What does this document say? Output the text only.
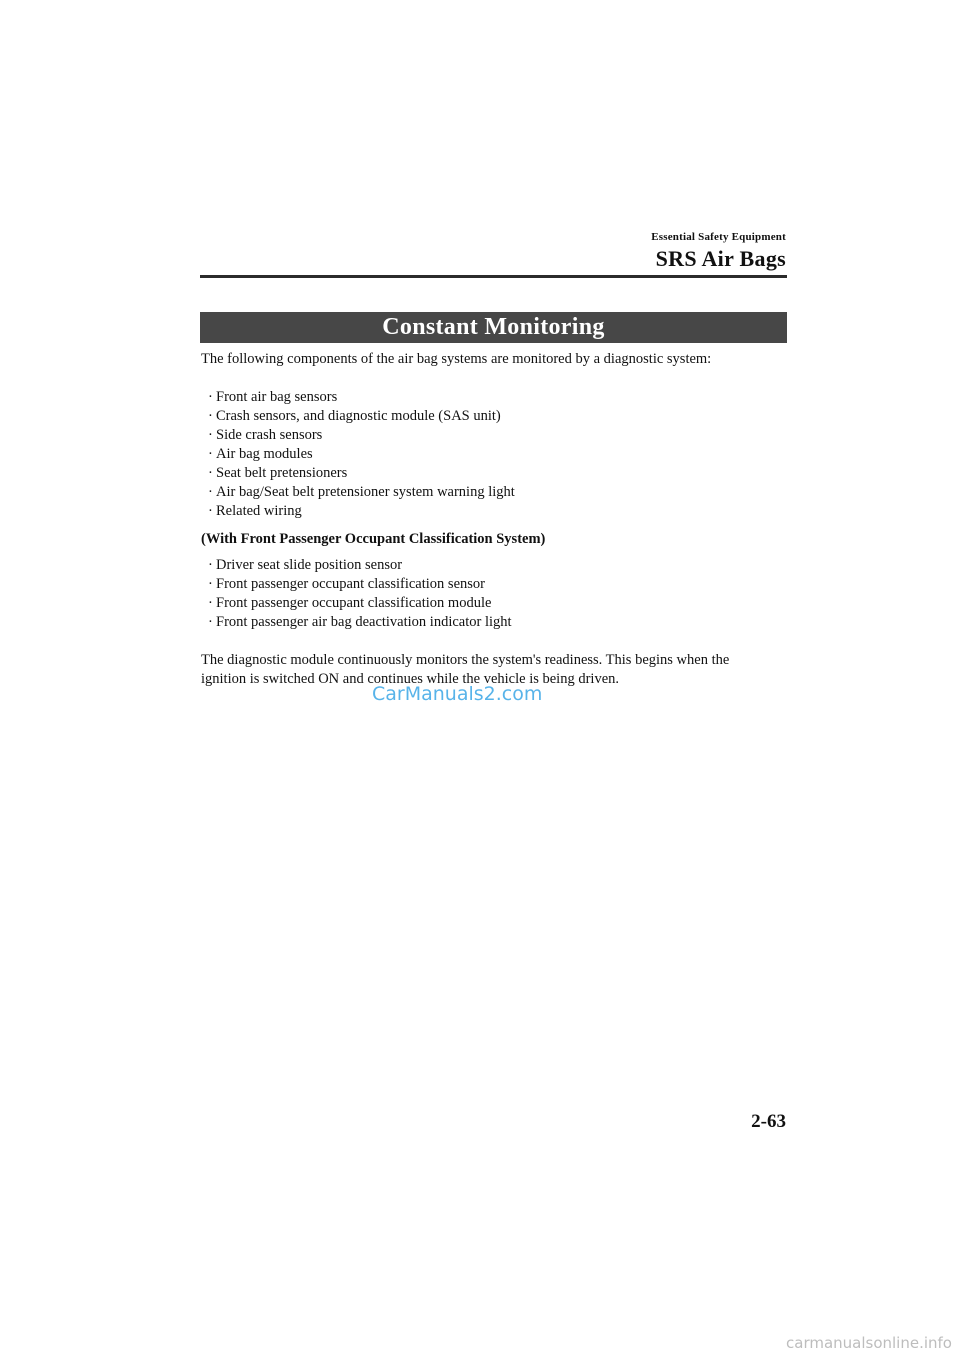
Essential Safety Equipment
SRS Air Bags
Constant Monitoring

The following components of the air bag systems are monitored by a diagnostic system:

· Front air bag sensors
· Crash sensors, and diagnostic module (SAS unit)
· Side crash sensors
· Air bag modules
· Seat belt pretensioners
· Air bag/Seat belt pretensioner system warning light
· Related wiring

(With Front Passenger Occupant Classification System)

· Driver seat slide position sensor
· Front passenger occupant classification sensor
· Front passenger occupant classification module
· Front passenger air bag deactivation indicator light
The diagnostic module continuously monitors the system's readiness. This begins when the
ignition is switched ON and continues while the vehicle is being driven.
CarManuals2.com
2-63
carmanualsonline.info
